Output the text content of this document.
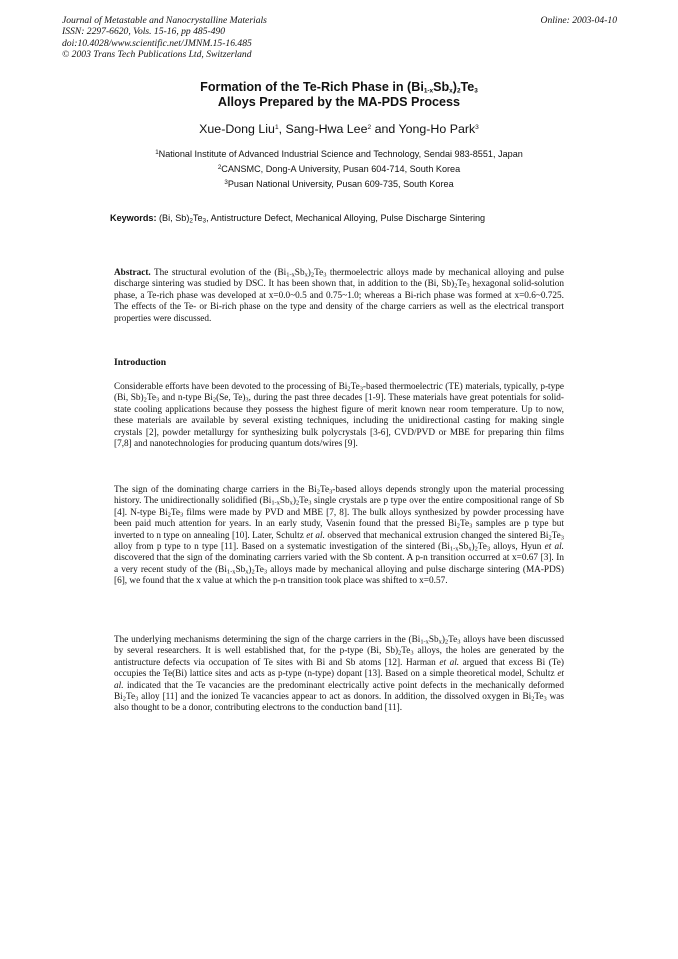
Journal of Metastable and Nanocrystalline Materials
ISSN: 2297-6620, Vols. 15-16, pp 485-490
doi:10.4028/www.scientific.net/JMNM.15-16.485
© 2003 Trans Tech Publications Ltd, Switzerland
Online: 2003-04-10
Formation of the Te-Rich Phase in $(Bi_{1-x}Sb_x)_2Te_3$
Alloys Prepared by the MA-PDS Process
Xue-Dong Liu$^1$, Sang-Hwa Lee$^2$ and Yong-Ho Park$^3$
$^1$National Institute of Advanced Industrial Science and Technology, Sendai 983-8551, Japan
$^2$CANSMC, Dong-A University, Pusan 604-714, South Korea
$^3$Pusan National University, Pusan 609-735, South Korea
Keywords: (Bi, $Sb)_2Te_3$, Antistructure Defect, Mechanical Alloying, Pulse Discharge Sintering
Abstract. The structural evolution of the $(Bi_{1-x}Sb_x)_2Te_3$ thermoelectric alloys made by mechanical alloying and pulse discharge sintering was studied by DSC. It has been shown that, in addition to the (Bi, $Sb)_2Te_3$ hexagonal solid-solution phase, a Te-rich phase was developed at x=0.0~0.5 and 0.75~1.0; whereas a Bi-rich phase was formed at x=0.6~0.725. The effects of the Te- or Bi-rich phase on the type and density of the charge carriers as well as the electrical transport properties were discussed.
Introduction
Considerable efforts have been devoted to the processing of $Bi_2Te_3$-based thermoelectric (TE) materials, typically, p-type (Bi, $Sb)_2Te_3$ and n-type $Bi_2(Se$, $Te)_3$, during the past three decades [1-9]. These materials have great potentials for solid-state cooling applications because they possess the highest figure of merit known near room temperature. Up to now, these materials are available by several existing techniques, including the unidirectional casting for making single crystals [2], powder metallurgy for synthesizing bulk polycrystals [3-6], CVD/PVD or MBE for preparing thin films [7,8] and nanotechnologies for producing quantum dots/wires [9].
The sign of the dominating charge carriers in the $Bi_2Te_3$-based alloys depends strongly upon the material processing history. The unidirectionally solidified $(Bi_{1-x}Sb_x)_2Te_3$ single crystals are p type over the entire compositional range of Sb [4]. N-type $Bi_2Te_3$ films were made by PVD and MBE [7, 8]. The bulk alloys synthesized by powder processing have been paid much attention for years. In an early study, Vasenin found that the pressed $Bi_2Te_3$ samples are p type but inverted to n type on annealing [10]. Later, Schultz et al. observed that mechanical extrusion changed the sintered $Bi_2Te_3$ alloy from p type to n type [11]. Based on a systematic investigation of the sintered $(Bi_{1-x}Sb_x)_2Te_3$ alloys, Hyun et al. discovered that the sign of the dominating carriers varied with the Sb content. A p-n transition occurred at x=0.67 [3]. In a very recent study of the $(Bi_{1-x}Sb_x)_2Te_3$ alloys made by mechanical alloying and pulse discharge sintering (MA-PDS) [6], we found that the x value at which the p-n transition took place was shifted to x=0.57.
The underlying mechanisms determining the sign of the charge carriers in the $(Bi_{1-x}Sb_x)_2Te_3$ alloys have been discussed by several researchers. It is well established that, for the p-type (Bi, $Sb)_2Te_3$ alloys, the holes are generated by the antistructure defects via occupation of Te sites with Bi and Sb atoms [12]. Harman et al. argued that excess Bi (Te) occupies the Te(Bi) lattice sites and acts as p-type (n-type) dopant [13]. Based on a simple theoretical model, Schultz et al. indicated that the Te vacancies are the predominant electrically active point defects in the mechanically deformed $Bi_2Te_3$ alloy [11] and the ionized Te vacancies appear to act as donors. In addition, the dissolved oxygen in $Bi_2Te_3$ was also thought to be a donor, contributing electrons to the conduction band [11].
